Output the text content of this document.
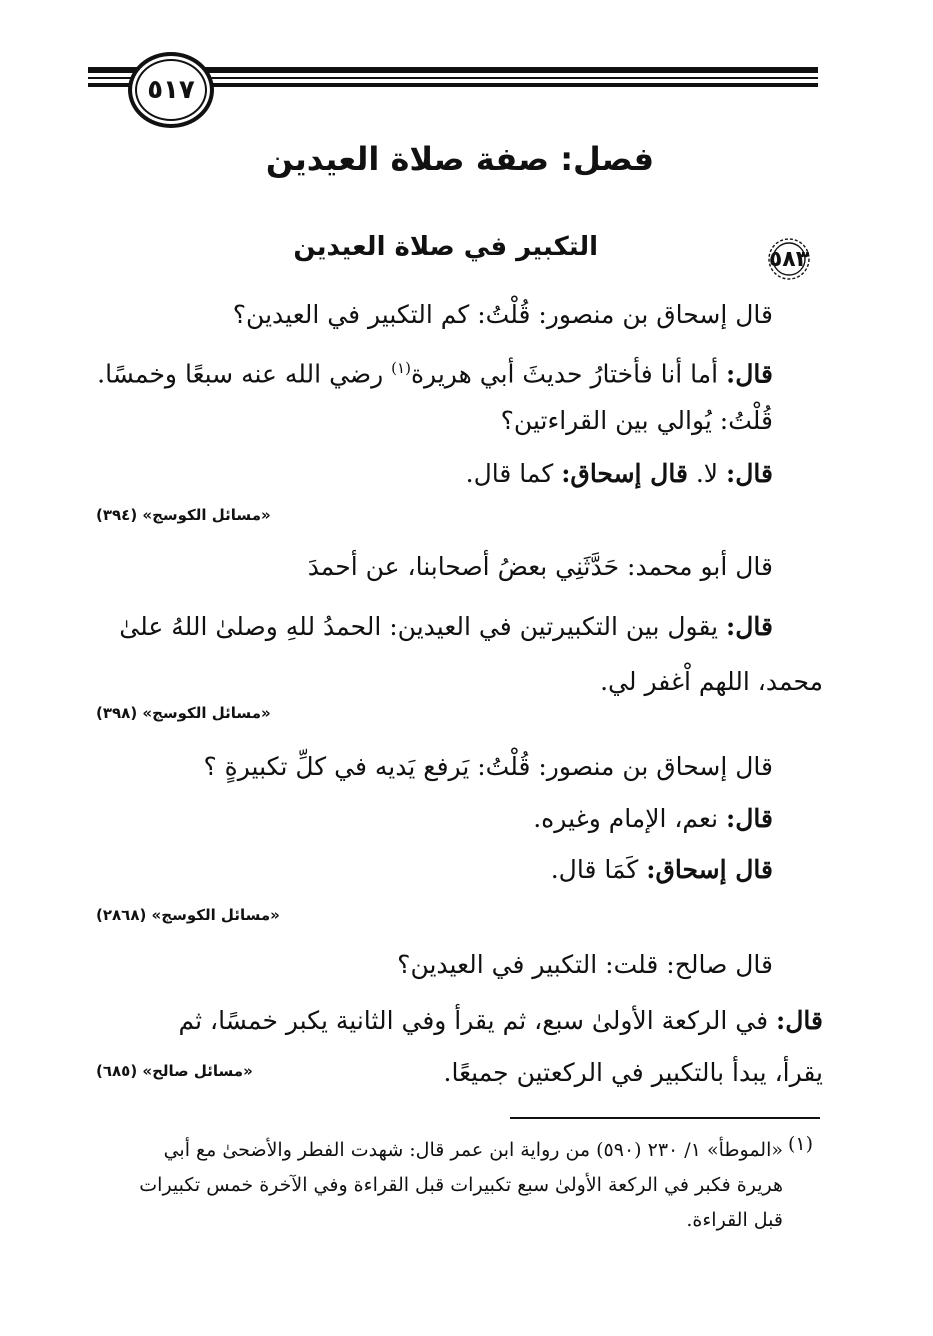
٥١٧
فصل: صفة صلاة العيدين
٥٨٣
التكبير في صلاة العيدين
قال إسحاق بن منصور: قُلْتُ: كم التكبير في العيدين؟
قال: أما أنا فأختارُ حديثَ أبي هريرة$^{(١)}$ رضي الله عنه سبعًا وخمسًا.
قُلْتُ: يُوالي بين القراءتين؟
قال: لا. قال إسحاق: كما قال.
«مسائل الكوسج» (٣٩٤)
قال أبو محمد: حَدَّثَنِي بعضُ أصحابنا، عن أحمدَ
قال: يقول بين التكبيرتين في العيدين: الحمدُ للهِ وصلىٰ اللهُ علىٰ
محمد، اللهم اْغفر لي.
«مسائل الكوسج» (٣٩٨)
قال إسحاق بن منصور: قُلْتُ: يَرفع يَديه في كلِّ تكبيرةٍ ؟
قال: نعم، الإمام وغيره.
قال إسحاق: كَمَا قال.
«مسائل الكوسج» (٢٨٦٨)
قال صالح: قلت: التكبير في العيدين؟
قال: في الركعة الأولىٰ سبع، ثم يقرأ وفي الثانية يكبر خمسًا، ثم
يقرأ، يبدأ بالتكبير في الركعتين جميعًا.
«مسائل صالح» (٦٨٥)
(١)
«الموطأ» ١/ ٢٣٠ (٥٩٠) من رواية ابن عمر قال: شهدت الفطر والأضحىٰ مع أبي هريرة فكبر في الركعة الأولىٰ سبع تكبيرات قبل القراءة وفي الآخرة خمس تكبيرات قبل القراءة.
